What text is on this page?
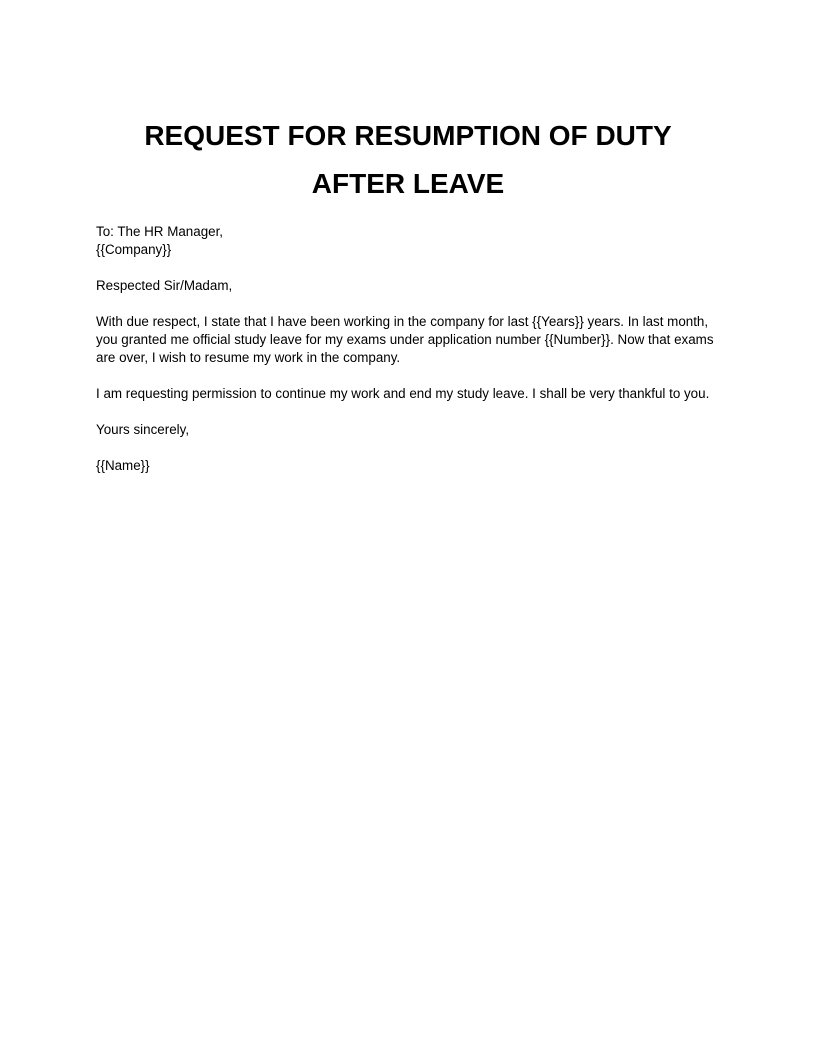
REQUEST FOR RESUMPTION OF DUTY
AFTER LEAVE

To: The HR Manager,
{{Company}}

Respected Sir/Madam,

With due respect, I state that I have been working in the company for last {{Years}} years. In last month,
you granted me official study leave for my exams under application number {{Number}}. Now that exams
are over, I wish to resume my work in the company.

I am requesting permission to continue my work and end my study leave. I shall be very thankful to you.

Yours sincerely,

{{Name}}
